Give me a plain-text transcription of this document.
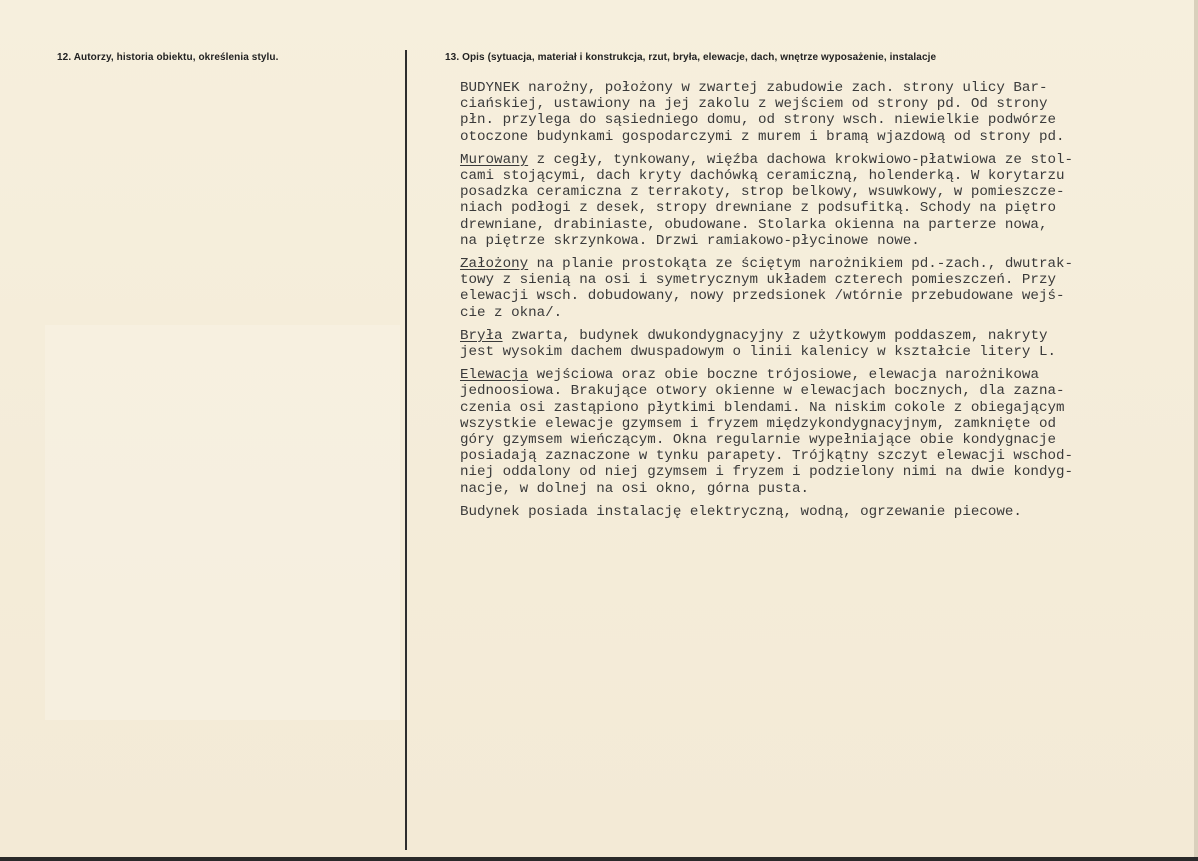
12. Autorzy, historia obiektu, określenia stylu.	13. Opis (sytuacja, materiał i konstrukcja, rzut, bryła, elewacje, dach, wnętrze wyposażenie, instalacje

BUDYNEK narożny, położony w zwartej zabudowie zach. strony ulicy Bar-
ciańskiej, ustawiony na jej zakolu z wejściem od strony pd. Od strony
płn. przylega do sąsiedniego domu, od strony wsch. niewielkie podwórze
otoczone budynkami gospodarczymi z murem i bramą wjazdową od strony pd.

Murowany z cegły, tynkowany, więźba dachowa krokwiowo-płatwiowa ze stol-
cami stojącymi, dach kryty dachówką ceramiczną, holenderką. W korytarzu
posadzka ceramiczna z terrakoty, strop belkowy, wsuwkowy, w pomieszcze-
niach podłogi z desek, stropy drewniane z podsufitką. Schody na piętro
drewniane, drabiniaste, obudowane. Stolarka okienna na parterze nowa,
na piętrze skrzynkowa. Drzwi ramiakowo-płycinowe nowe.

Założony na planie prostokąta ze ściętym narożnikiem pd.-zach., dwutrak-
towy z sienią na osi i symetrycznym układem czterech pomieszczeń. Przy
elewacji wsch. dobudowany, nowy przedsionek /wtórnie przebudowane wejś-
cie z okna/.

Bryła zwarta, budynek dwukondygnacyjny z użytkowym poddaszem, nakryty
jest wysokim dachem dwuspadowym o linii kalenicy w kształcie litery L.

Elewacja wejściowa oraz obie boczne trójosiowe, elewacja narożnikowa
jednoosiowa. Brakujące otwory okienne w elewacjach bocznych, dla zazna-
czenia osi zastąpiono płytkimi blendami. Na niskim cokole z obiegającym
wszystkie elewacje gzymsem i fryzem międzykondygnacyjnym, zamknięte od
góry gzymsem wieńczącym. Okna regularnie wypełniające obie kondygnacje
posiadają zaznaczone w tynku parapety. Trójkątny szczyt elewacji wschod-
niej oddalony od niej gzymsem i fryzem i podzielony nimi na dwie kondyg-
nacje, w dolnej na osi okno, górna pusta.

Budynek posiada instalację elektryczną, wodną, ogrzewanie piecowe.
